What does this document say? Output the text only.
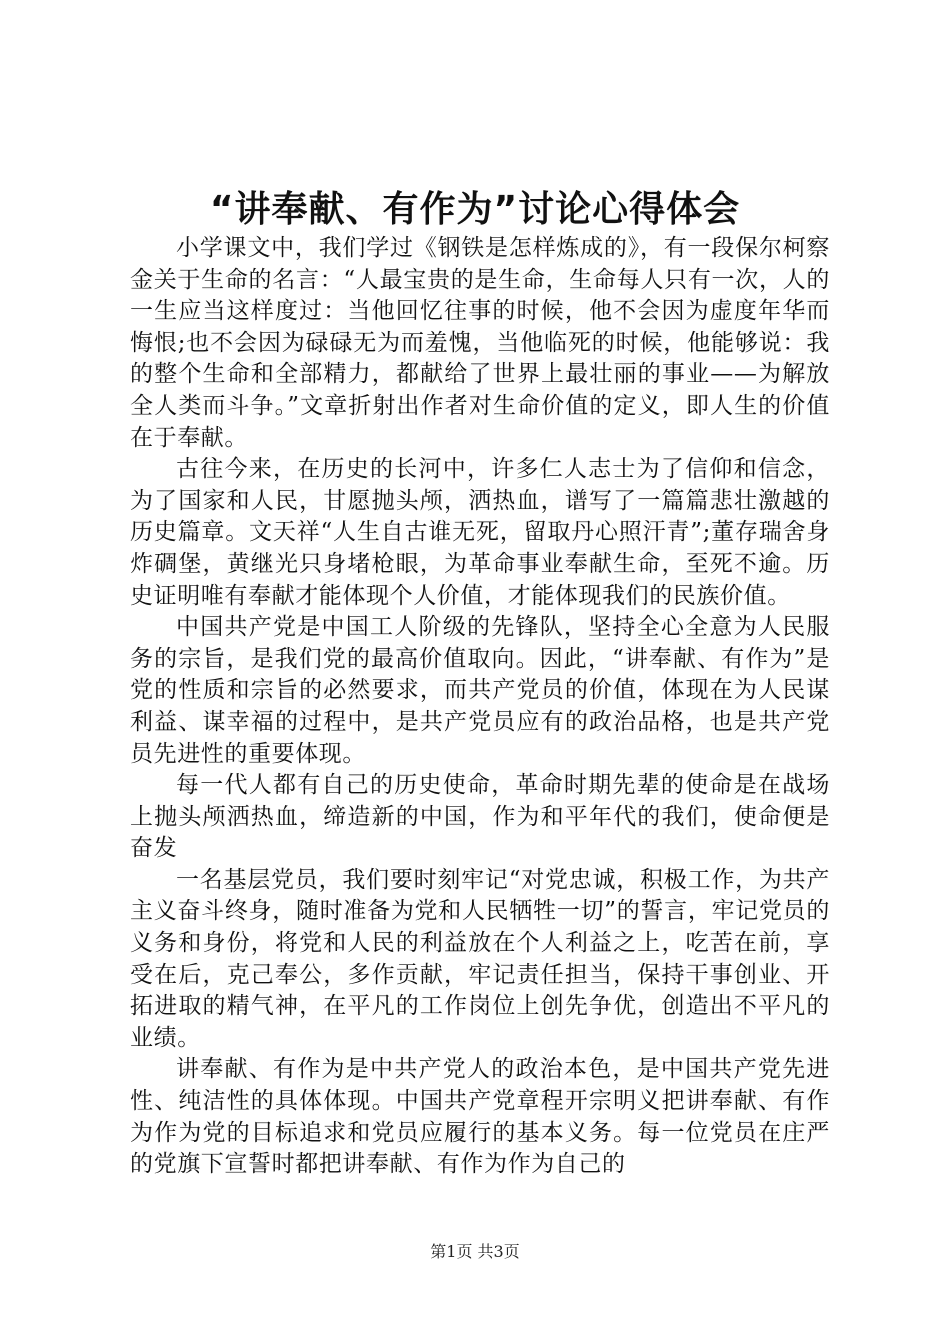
“讲奉献、有作为”讨论心得体会

小学课文中，我们学过《钢铁是怎样炼成的》，有一段保尔柯察金关于生命的名言：“人最宝贵的是生命，生命每人只有一次，人的一生应当这样度过：当他回忆往事的时候，他不会因为虚度年华而悔恨;也不会因为碌碌无为而羞愧，当他临死的时候，他能够说：我的整个生命和全部精力，都献给了世界上最壮丽的事业——为解放全人类而斗争。”文章折射出作者对生命价值的定义，即人生的价值在于奉献。

古往今来，在历史的长河中，许多仁人志士为了信仰和信念，为了国家和人民，甘愿抛头颅，洒热血，谱写了一篇篇悲壮激越的历史篇章。文天祥“人生自古谁无死，留取丹心照汗青”;董存瑞舍身炸碉堡，黄继光只身堵枪眼，为革命事业奉献生命，至死不逾。历史证明唯有奉献才能体现个人价值，才能体现我们的民族价值。

中国共产党是中国工人阶级的先锋队，坚持全心全意为人民服务的宗旨，是我们党的最高价值取向。因此，“讲奉献、有作为”是党的性质和宗旨的必然要求，而共产党员的价值，体现在为人民谋利益、谋幸福的过程中，是共产党员应有的政治品格，也是共产党员先进性的重要体现。

每一代人都有自己的历史使命，革命时期先辈的使命是在战场上抛头颅洒热血，缔造新的中国，作为和平年代的我们，使命便是奋发

一名基层党员，我们要时刻牢记“对党忠诚，积极工作，为共产主义奋斗终身，随时准备为党和人民牺牲一切”的誓言，牢记党员的义务和身份，将党和人民的利益放在个人利益之上，吃苦在前，享受在后，克己奉公，多作贡献，牢记责任担当，保持干事创业、开拓进取的精气神，在平凡的工作岗位上创先争优，创造出不平凡的业绩。

讲奉献、有作为是中共产党人的政治本色，是中国共产党先进性、纯洁性的具体体现。中国共产党章程开宗明义把讲奉献、有作为作为党的目标追求和党员应履行的基本义务。每一位党员在庄严的党旗下宣誓时都把讲奉献、有作为作为自己的

第1页 共3页
